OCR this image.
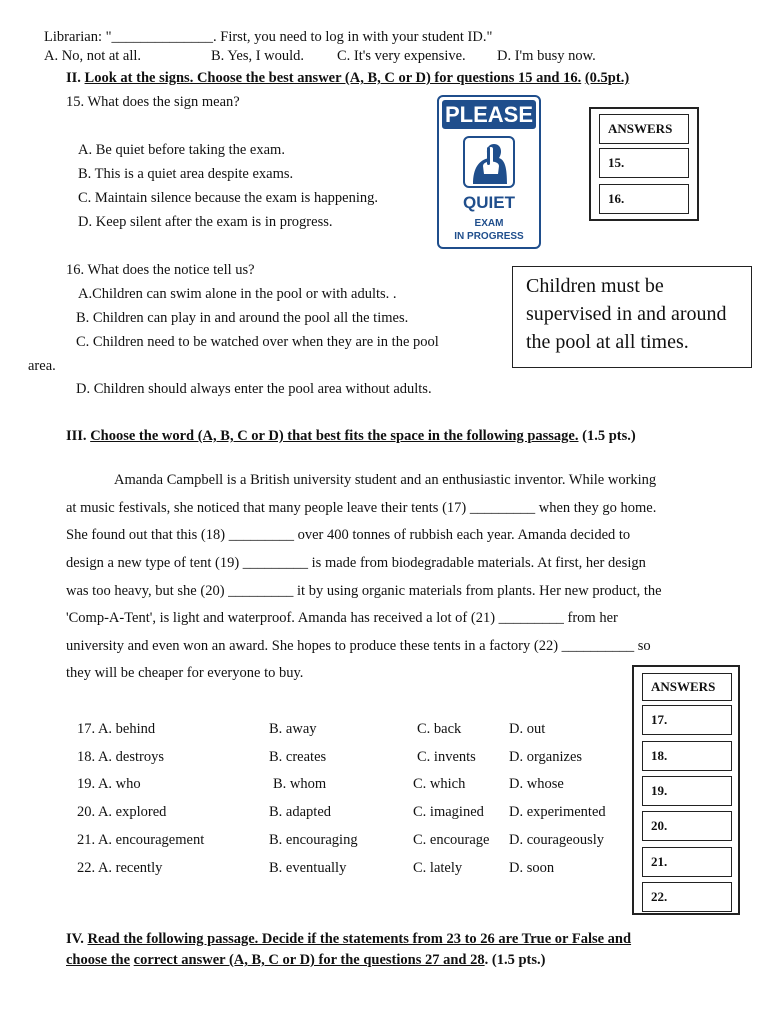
Librarian: "______________. First, you need to log in with your student ID."
A. No, not at all.	B. Yes, I would. C. It's very expensive. D. I'm busy now.
II. Look at the signs. Choose the best answer (A, B, C or D) for questions 15 and 16. (0.5pt.)
15. What does the sign mean?
A. Be quiet before taking the exam.
B. This is a quiet area despite exams.
C. Maintain silence because the exam is happening.
D. Keep silent after the exam is in progress.
PLEASE
QUIET
EXAM
IN PROGRESS
ANSWERS
15.
16.
16. What does the notice tell us?
A.Children can swim alone in the pool or with adults. .
B. Children can play in and around the pool all the times.
C. Children need to be watched over when they are in the pool
area.
D. Children should always enter the pool area without adults.
Children must be
supervised in and around
the pool at all times.
III. Choose the word (A, B, C or D) that best fits the space in the following passage. (1.5 pts.)
Amanda Campbell is a British university student and an enthusiastic inventor. While working
at music festivals, she noticed that many people leave their tents (17) _________ when they go home.
She found out that this (18) _________ over 400 tonnes of rubbish each year. Amanda decided to
design a new type of tent (19) _________ is made from biodegradable materials. At first, her design
was too heavy, but she (20) _________ it by using organic materials from plants. Her new product, the
'Comp-A-Tent', is light and waterproof. Amanda has received a lot of (21) _________ from her
university and even won an award. She hopes to produce these tents in a factory (22) __________ so
they will be cheaper for everyone to buy.
17. A. behind	B. away	C. back	D. out
18. A. destroys	B. creates	C. invents D. organizes
19. A. who	B. whom	C. which	D. whose
20. A. explored	B. adapted	C. imagined D. experimented
21. A. encouragement	B. encouraging	C. encourage D. courageously
22. A. recently	B. eventually	C. lately	D. soon
ANSWERS
17.
18.
19.
20.
21.
22.
IV. Read the following passage. Decide if the statements from 23 to 26 are True or False and
choose the correct answer (A, B, C or D) for the questions 27 and 28. (1.5 pts.)
